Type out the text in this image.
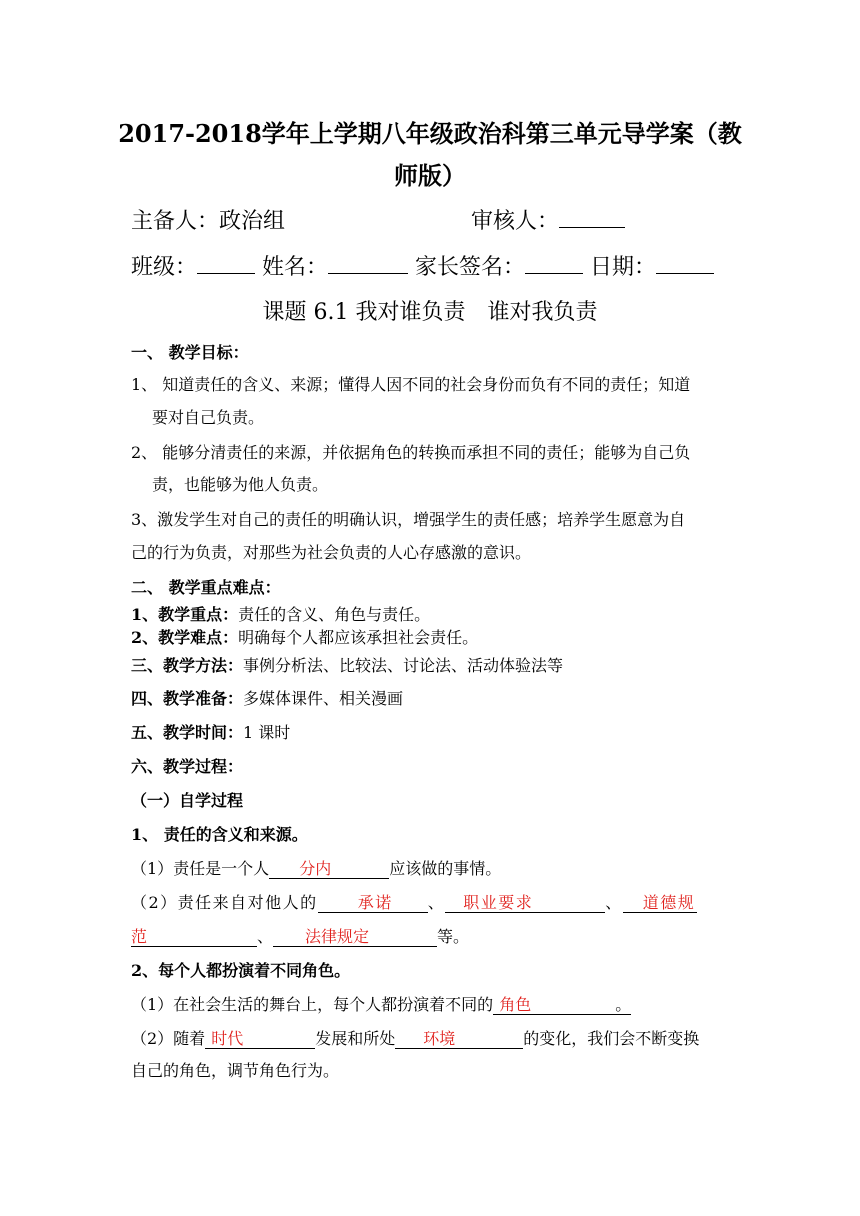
2017-2018学年上学期八年级政治科第三单元导学案（教
师版）
主备人：政治组	审核人：
班级：	姓名：	家长签名：	日期：
课题 6.1 我对谁负责　谁对我负责
一、 教学目标：
1、 知道责任的含义、来源；懂得人因不同的社会身份而负有不同的责任；知道
要对自己负责。
2、 能够分清责任的来源，并依据角色的转换而承担不同的责任；能够为自己负
责，也能够为他人负责。
3、激发学生对自己的责任的明确认识，增强学生的责任感；培养学生愿意为自
己的行为负责，对那些为社会负责的人心存感激的意识。
二、 教学重点难点：
1、教学重点：责任的含义、角色与责任。
2、教学难点：明确每个人都应该承担社会责任。
三、教学方法：事例分析法、比较法、讨论法、活动体验法等
四、教学准备：多媒体课件、相关漫画
五、教学时间：1 课时
六、教学过程：
（一）自学过程
1、 责任的含义和来源。
（1）责任是一个人 分内	应该做的事情。
（2）责任来自对他人的	承诺 、 职业要求	、 道德规
范	、 法律规定	等。
2、每个人都扮演着不同角色。
（1）在社会生活的舞台上，每个人都扮演着不同的 角色	。
（2）随着 时代	发展和所处 环境	的变化，我们会不断变换
自己的角色，调节角色行为。
